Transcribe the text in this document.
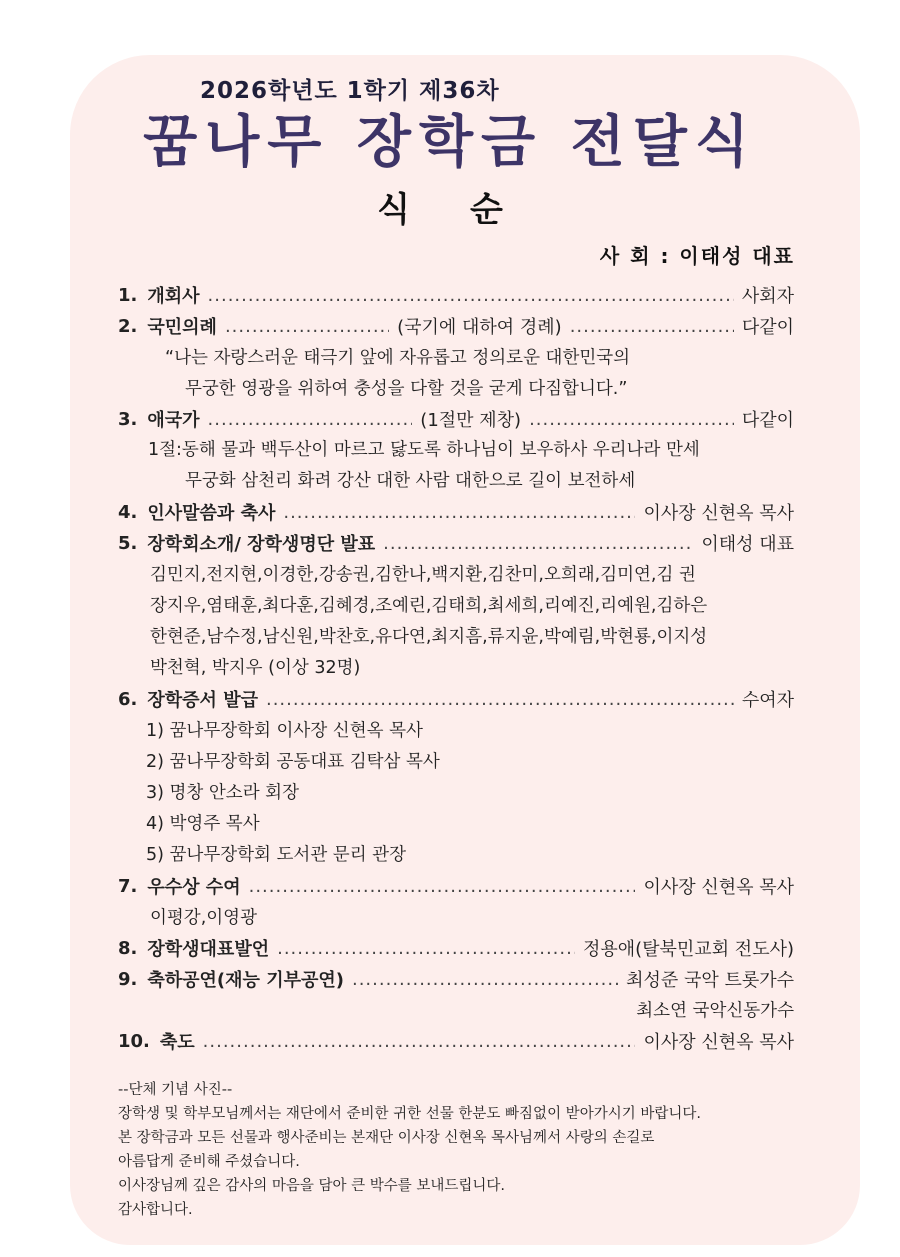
2026학년도 1학기 제36차
꿈나무 장학금 전달식
식순
사 회 : 이태성 대표
1. 개회사 .....	사회자
2. 국민의례 .....	(국기에 대하여 경례) .....	다같이
“나는 자랑스러운 태극기 앞에 자유롭고 정의로운 대한민국의
무궁한 영광을 위하여 충성을 다할 것을 굳게 다짐합니다.”
3. 애국가 .....	(1절만 제창) .....	다같이
1절:동해 물과 백두산이 마르고 닳도록 하나님이 보우하사 우리나라 만세
무궁화 삼천리 화려 강산 대한 사람 대한으로 길이 보전하세
4. 인사말씀과 축사 .....	이사장 신현옥 목사
5. 장학회소개/ 장학생명단 발표 .....	이태성 대표
김민지,전지현,이경한,강송권,김한나,백지환,김찬미,오희래,김미연,김 권
장지우,염태훈,최다훈,김혜경,조예린,김태희,최세희,리예진,리예원,김하은
한현준,남수정,남신원,박찬호,유다연,최지흠,류지윤,박예림,박현룡,이지성
박천혁, 박지우 (이상 32명)
6. 장학증서 발급 .....	수여자
1) 꿈나무장학회 이사장 신현옥 목사
2) 꿈나무장학회 공동대표 김탁삼 목사
3) 명창 안소라 회장
4) 박영주 목사
5) 꿈나무장학회 도서관 문리 관장
7. 우수상 수여 .....	이사장 신현옥 목사
이평강,이영광
8. 장학생대표발언 .....	정용애(탈북민교회 전도사)
9. 축하공연(재능 기부공연) .....	최성준 국악 트롯가수
최소연 국악신동가수
10. 축도 .....	이사장 신현옥 목사
--단체 기념 사진--
장학생 및 학부모님께서는 재단에서 준비한 귀한 선물 한분도 빠짐없이 받아가시기 바랍니다.
본 장학금과 모든 선물과 행사준비는 본재단 이사장 신현옥 목사님께서 사랑의 손길로
아름답게 준비해 주셨습니다.
이사장님께 깊은 감사의 마음을 담아 큰 박수를 보내드립니다.
감사합니다.
